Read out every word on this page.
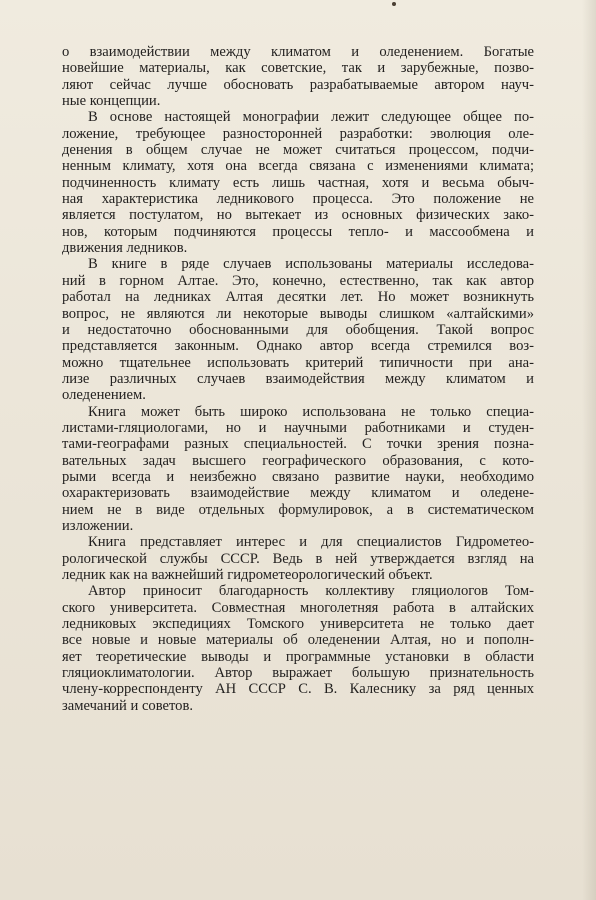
о взаимодействии между климатом и оледенением. Богатые
новейшие материалы, как советские, так и зарубежные, позво-
ляют сейчас лучше обосновать разрабатываемые автором науч-
ные концепции.
В основе настоящей монографии лежит следующее общее по-
ложение, требующее разносторонней разработки: эволюция оле-
денения в общем случае не может считаться процессом, подчи-
ненным климату, хотя она всегда связана с изменениями климата;
подчиненность климату есть лишь частная, хотя и весьма обыч-
ная характеристика ледникового процесса. Это положение не
является постулатом, но вытекает из основных физических зако-
нов, которым подчиняются процессы тепло- и массообмена и
движения ледников.
В книге в ряде случаев использованы материалы исследова-
ний в горном Алтае. Это, конечно, естественно, так как автор
работал на ледниках Алтая десятки лет. Но может возникнуть
вопрос, не являются ли некоторые выводы слишком «алтайскими»
и недостаточно обоснованными для обобщения. Такой вопрос
представляется законным. Однако автор всегда стремился воз-
можно тщательнее использовать критерий типичности при ана-
лизе различных случаев взаимодействия между климатом и
оледенением.
Книга может быть широко использована не только специа-
листами-гляциологами, но и научными работниками и студен-
тами-географами разных специальностей. С точки зрения позна-
вательных задач высшего географического образования, с кото-
рыми всегда и неизбежно связано развитие науки, необходимо
охарактеризовать взаимодействие между климатом и оледене-
нием не в виде отдельных формулировок, а в систематическом
изложении.
Книга представляет интерес и для специалистов Гидрометео-
рологической службы СССР. Ведь в ней утверждается взгляд на
ледник как на важнейший гидрометеорологический объект.
Автор приносит благодарность коллективу гляциологов Том-
ского университета. Совместная многолетняя работа в алтайских
ледниковых экспедициях Томского университета не только дает
все новые и новые материалы об оледенении Алтая, но и пополн-
яет теоретические выводы и программные установки в области
гляциоклиматологии. Автор выражает большую признательность
члену-корреспонденту АН СССР С. В. Калеснику за ряд ценных
замечаний и советов.
